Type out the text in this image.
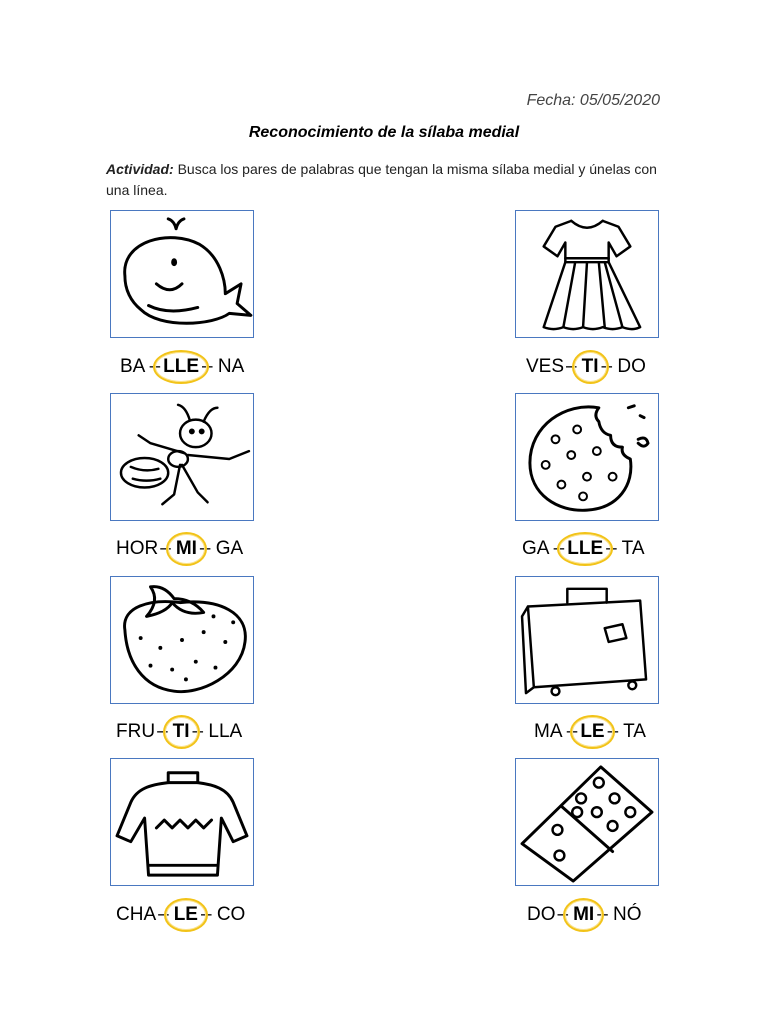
Fecha: 05/05/2020
Reconocimiento de la sílaba medial
Actividad: Busca los pares de palabras que tengan la misma sílaba medial y únelas con una línea.
BA – LLE – NA
HOR – MI – GA
FRU – TI – LLA
CHA – LE – CO
VES – TI – DO
GA – LLE – TA
MA – LE – TA
DO – MI – NÓ
